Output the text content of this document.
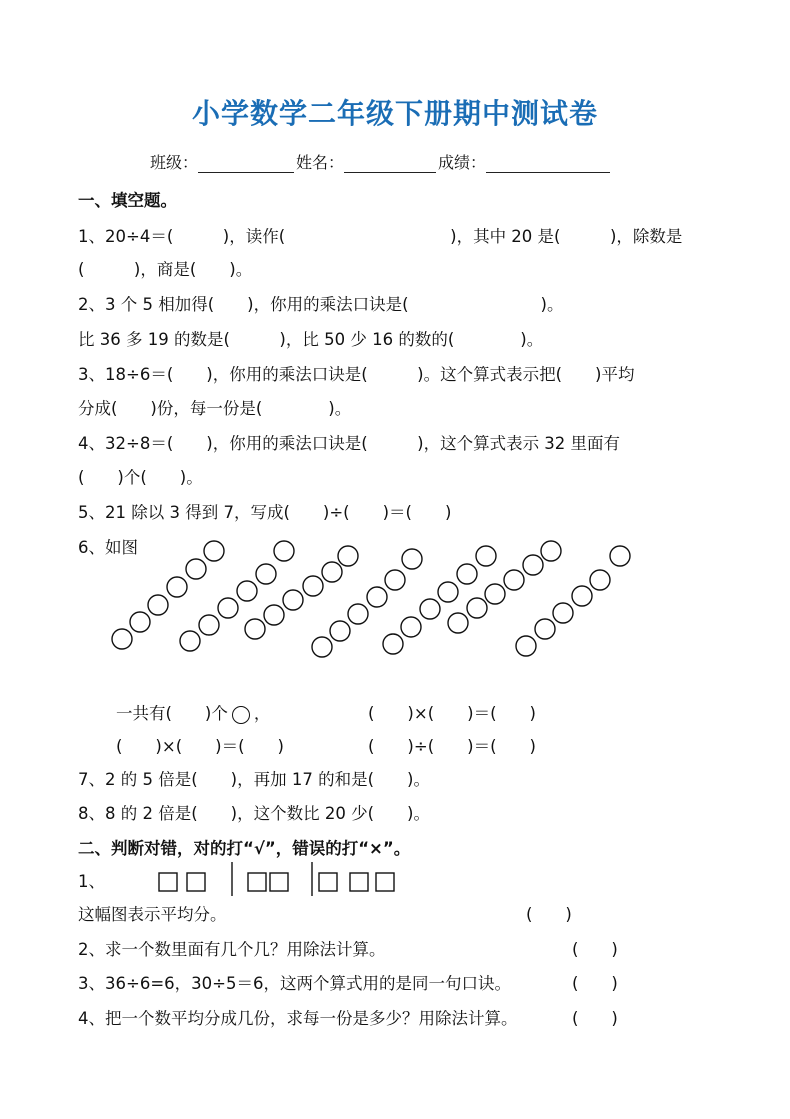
小学数学二年级下册期中测试卷
班级：	姓名：	成绩：
一、填空题。
1、20÷4＝(　　　)，读作(　　　　　　　　　　)，其中 20 是(　　　)，除数是
(　　　)，商是(　　)。
2、3 个 5 相加得(　　)，你用的乘法口诀是(　　　　　　　　)。
比 36 多 19 的数是(　　　)，比 50 少 16 的数的(　　　　)。
3、18÷6＝(　　)，你用的乘法口诀是(　　　)。这个算式表示把(　　)平均
分成(　　)份，每一份是(　　　　)。
4、32÷8＝(　　)，你用的乘法口诀是(　　　)，这个算式表示 32 里面有
(　　)个(　　)。
5、21 除以 3 得到 7，写成(　　)÷(　　)＝(　　)
6、如图
一共有(　　)个 ，	(　　)×(　　)＝(　　)
(　　)×(　　)＝(　　)	(　　)÷(　　)＝(　　)
7、2 的 5 倍是(　　)，再加 17 的和是(　　)。
8、8 的 2 倍是(　　)，这个数比 20 少(　　)。
二、判断对错，对的打“√”，错误的打“×”。
1、
这幅图表示平均分。	(　　)
2、求一个数里面有几个几？用除法计算。	(　　)
3、36÷6=6，30÷5＝6，这两个算式用的是同一句口诀。	(　　)
4、把一个数平均分成几份，求每一份是多少？用除法计算。	(　　)
